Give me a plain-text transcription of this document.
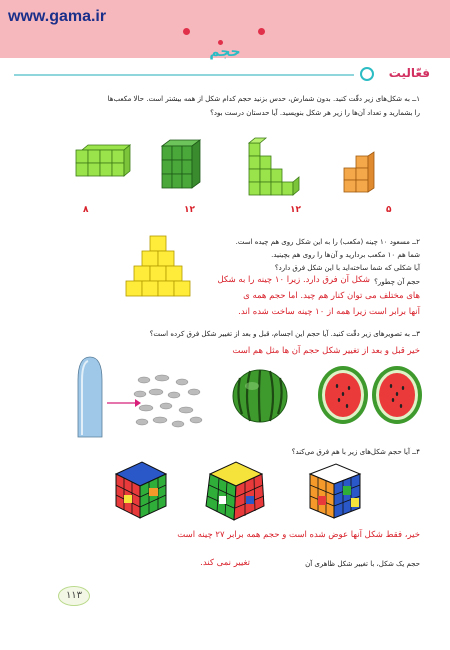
www.gama.ir
حجم
فعّالیت
۱ــ به شکل‌های زیر دقّت کنید. بدون شمارش، حدس بزنید حجم کدام شکل از همه بیشتر است. حالا مکعب‌ها
را بشمارید و تعداد آن‌ها را زیر هر شکل بنویسید. آیا حدستان درست بود؟
۸	۱۲	۱۲	۵
۲ــ مسعود ۱۰ چینه (مکعب) را به این شکل روی هم چیده است.
شما هم ۱۰ مکعب بردارید و آن‌ها را روی هم بچینید.
آیا شکلی که شما ساخته‌اید با این شکل فرق دارد؟
حجم آن چطور؟
شکل آن فرق دارد. زیرا ۱۰ چینه را به شکل
های مختلف می توان کنار هم چید. اما حجم همه ی
آنها برابر است زیرا همه از ۱۰ چینه ساخت شده اند.
۳ــ به تصویرهای زیر دقّت کنید. آیا حجم این اجسام، قبل و بعد از تغییر شکل فرق کرده است؟
خیر قبل و بعد از تغییر شکل حجم آن ها مثل هم است
۴ــ آیا حجم شکل‌های زیر با هم فرق می‌کند؟
خیر، فقط شکل آنها عوض شده است و حجم همه برابر ۲۷ چینه است
حجم یک شکل، با تغییر شکل ظاهری آن
تغییر نمی کند.
۱۱۳
